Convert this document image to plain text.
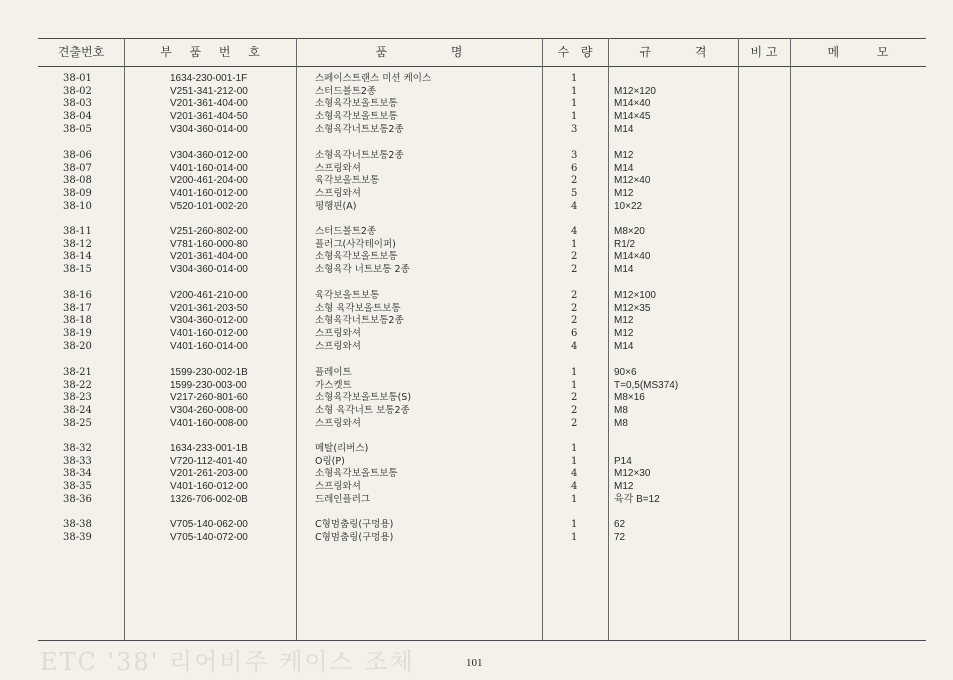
견출번호	부 품 번 호	품 명	수 량	규 격	비 고	메 모
38-01	1634-230-001-1F	스페이스트랜스 미션 케이스	1
38-02	V251-341-212-00	스터드볼트2종	1	M12×120
38-03	V201-361-404-00	소형육각보올트보통	1	M14×40
38-04	V201-361-404-50	소형육각보올트보통	1	M14×45
38-05	V304-360-014-00	소형육각너트보통2종	3	M14
38-06	V304-360-012-00	소형육각너트보통2종	3	M12
38-07	V401-160-014-00	스프링와셔	6	M14
38-08	V200-461-204-00	육각보올트보통	2	M12×40
38-09	V401-160-012-00	스프링와셔	5	M12
38-10	V520-101-002-20	평행핀(A)	4	10×22
38-11	V251-260-802-00	스터드볼트2종	4	M8×20
38-12	V781-160-000-80	플러그(사각테이퍼)	1	R1/2
38-14	V201-361-404-00	소형육각보올트보통	2	M14×40
38-15	V304-360-014-00	소형육각 너트보통 2종	2	M14
38-16	V200-461-210-00	육각보올트보통	2	M12×100
38-17	V201-361-203-50	소형 육각보올트보통	2	M12×35
38-18	V304-360-012-00	소형육각너트보통2종	2	M12
38-19	V401-160-012-00	스프링와셔	6	M12
38-20	V401-160-014-00	스프링와셔	4	M14
38-21	1599-230-002-1B	플레이트	1	90×6
38-22	1599-230-003-00	가스켓트	1	T=0,5(MS374)
38-23	V217-260-801-60	소형육각보올트보통(S)	2	M8×16
38-24	V304-260-008-00	소형 육각너트 보통2종	2	M8
38-25	V401-160-008-00	스프링와셔	2	M8
38-32	1634-233-001-1B	메탈(리버스)	1
38-33	V720-112-401-40	O링(P)	1	P14
38-34	V201-261-203-00	소형육각보올트보통	4	M12×30
38-35	V401-160-012-00	스프링와셔	4	M12
38-36	1326-706-002-0B	드레인플러그	1	육각 B=12
38-38	V705-140-062-00	C형멈춤링(구멍용)	1	62
38-39	V705-140-072-00	C형멈춤링(구멍용)	1	72
ETC '38' 리어비주 케이스 조체	101
